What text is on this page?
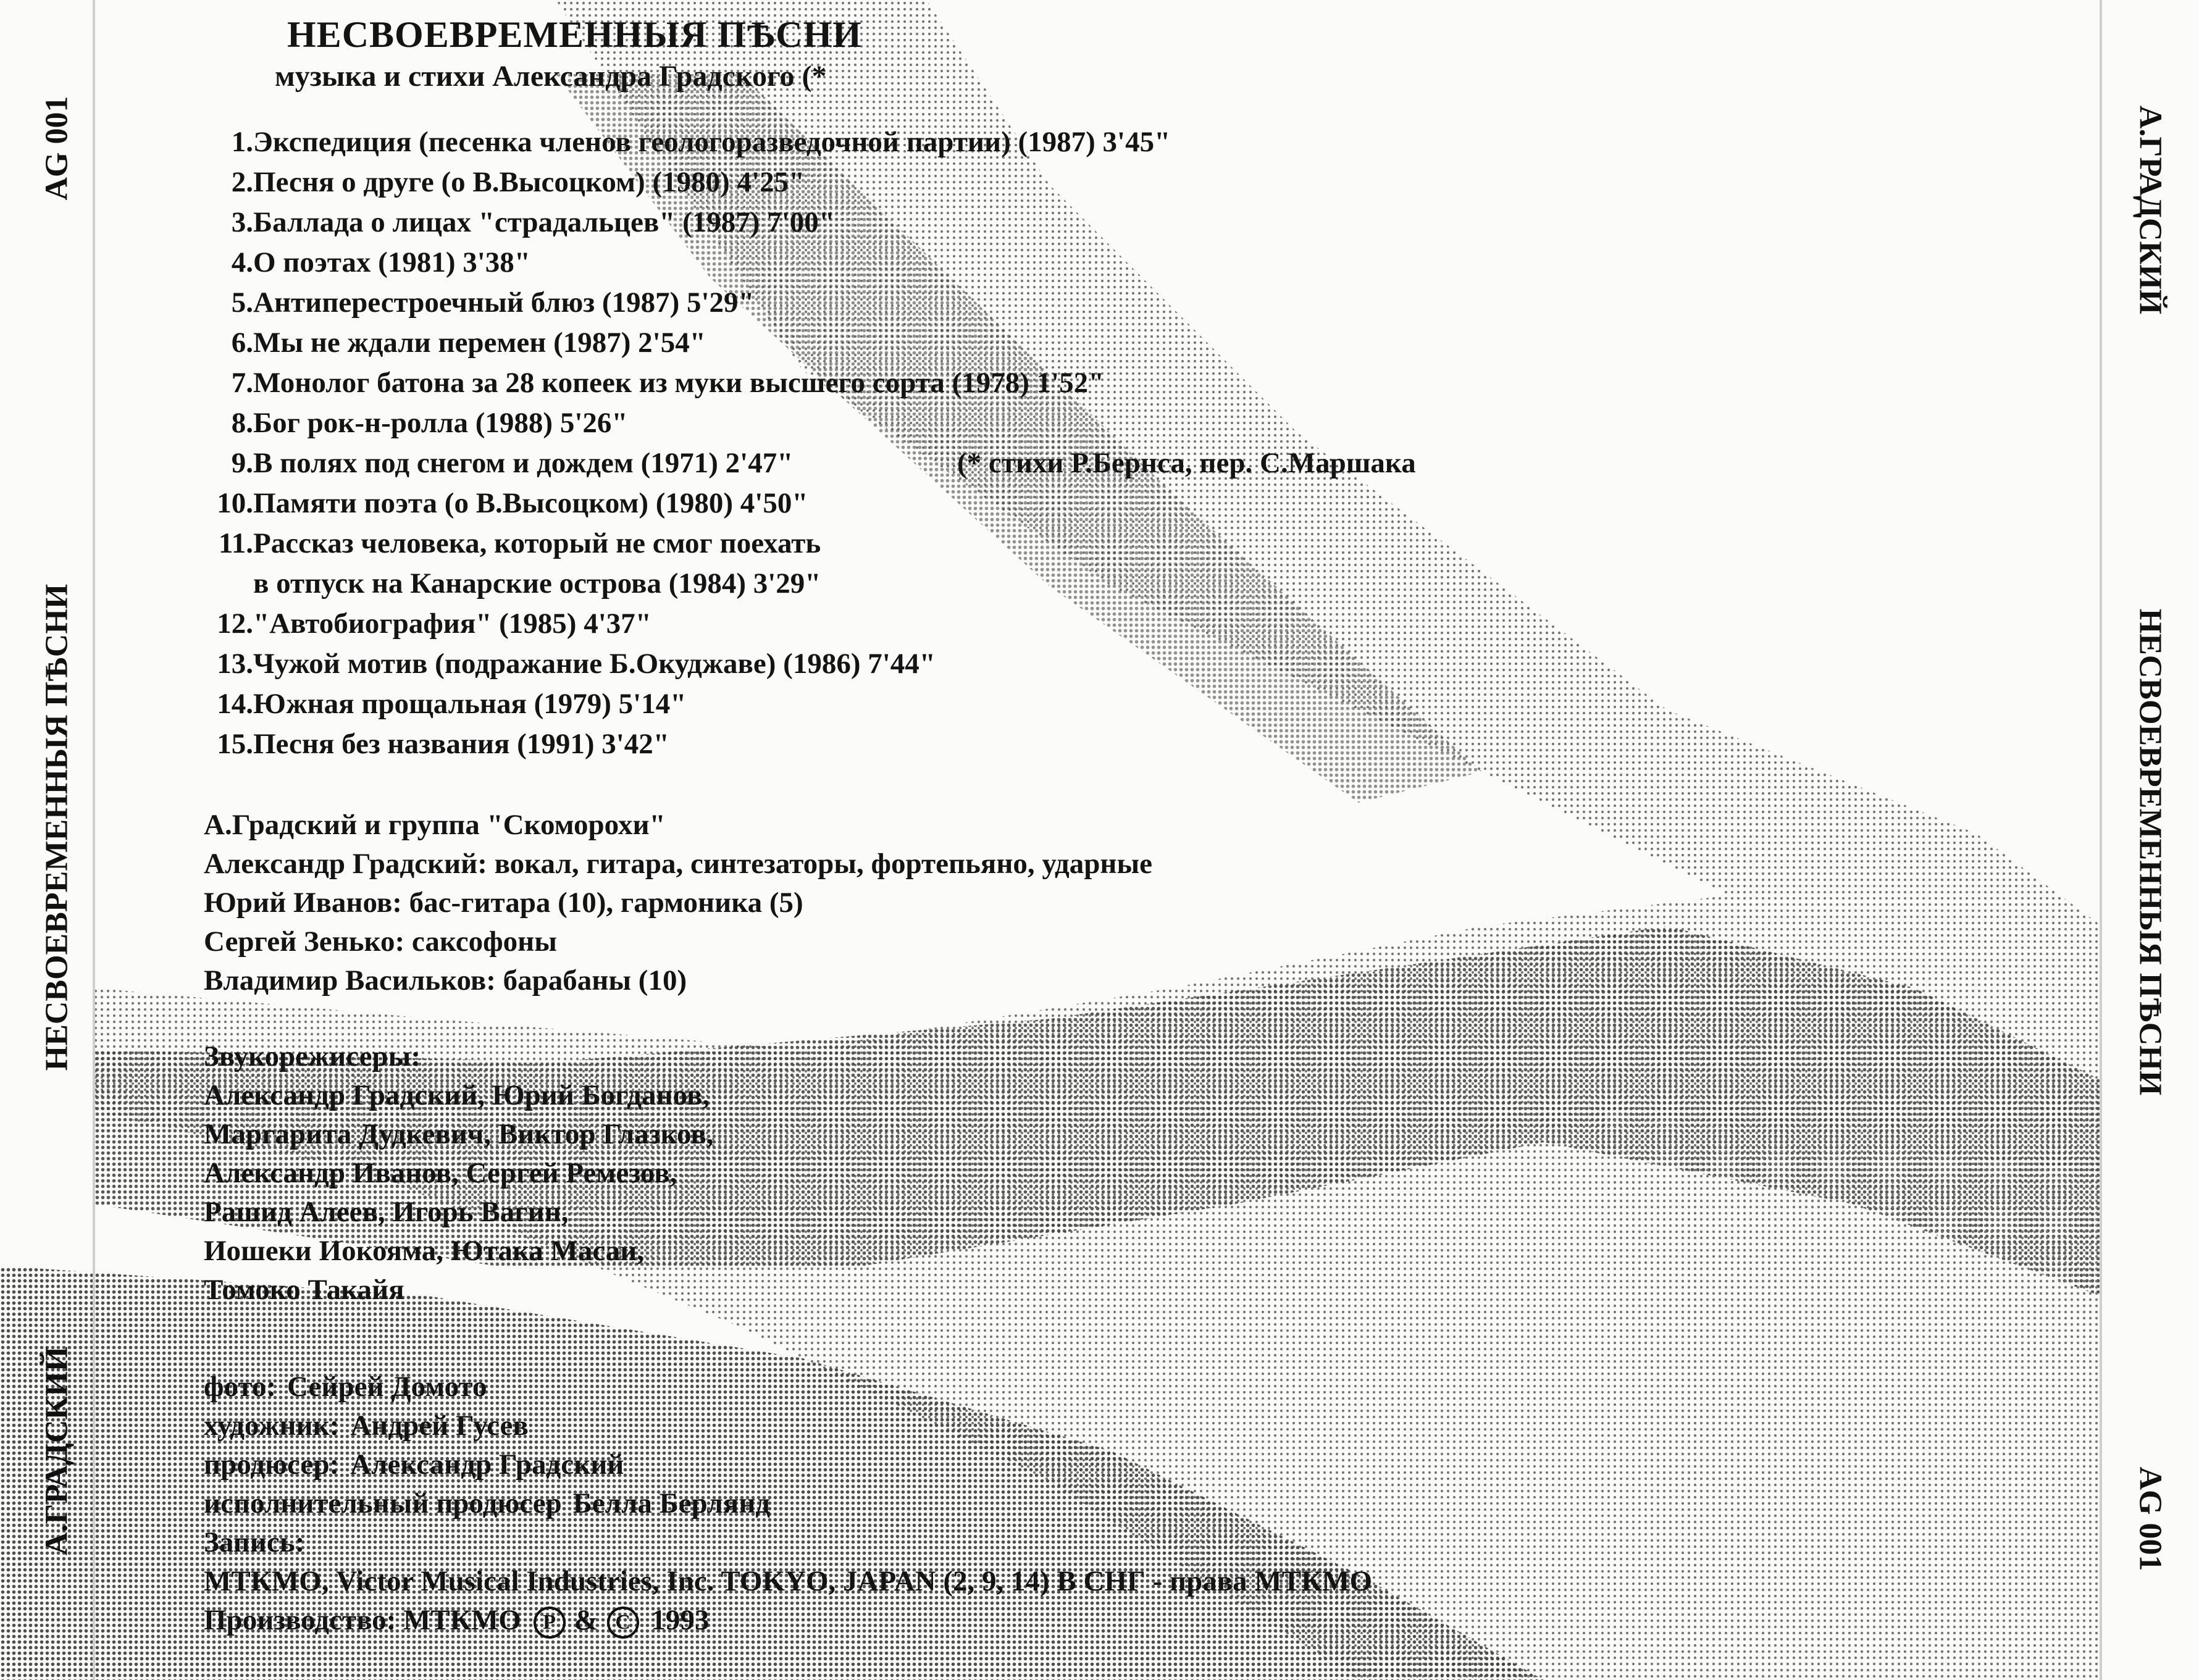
AG 001
НЕСВОЕВРЕМЕННЫЯ ПѢСНИ
А.ГРАДСКИЙ
А.ГРАДСКИЙ
НЕСВОЕВРЕМЕННЫЯ ПѢСНИ
AG 001
НЕСВОЕВРЕМЕННЫЯ ПѢСНИ
музыка и стихи Александра Градского (*
1.Экспедиция (песенка членов геологоразведочной партии) (1987) 3'45"
2.Песня о друге (о В.Высоцком) (1980) 4'25"
3.Баллада о лицах "страдальцев" (1987) 7'00"
4.О поэтах (1981) 3'38"
5.Антиперестроечный блюз (1987) 5'29"
6.Мы не ждали перемен (1987) 2'54"
7.Монолог батона за 28 копеек из муки высшего сорта (1978) 1'52"
8.Бог рок-н-ролла (1988) 5'26"
9.В полях под снегом и дождем (1971) 2'47"	(* стихи Р.Бернса, пер. С.Маршака
10.Памяти поэта (о В.Высоцком) (1980) 4'50"
11.Рассказ человека, который не смог поехать
в отпуск на Канарские острова (1984) 3'29"
12."Автобиография" (1985) 4'37"
13.Чужой мотив (подражание Б.Окуджаве) (1986) 7'44"
14.Южная прощальная (1979) 5'14"
15.Песня без названия (1991) 3'42"
А.Градский и группа "Скоморохи"
Александр Градский: вокал, гитара, синтезаторы, фортепьяно, ударные
Юрий Иванов: бас-гитара (10), гармоника (5)
Сергей Зенько: саксофоны
Владимир Васильков: барабаны (10)
Звукорежисеры:
Александр Градский, Юрий Богданов,
Маргарита Дудкевич, Виктор Глазков,
Александр Иванов, Сергей Ремезов,
Рашид Алеев, Игорь Вагин,
Иошеки Иокояма, Ютака Масаи,
Томоко Такайя
фото: Сейрей Домото
художник: Андрей Гусев
продюсер: Александр Градский
исполнительный продюсер Белла Берлянд
Запись:
МТКМО, Victor Musical Industries, Inc. TOKYO, JAPAN (2, 9, 14) В СНГ - права МТКМО
Производство: МТКМО P & C 1993
